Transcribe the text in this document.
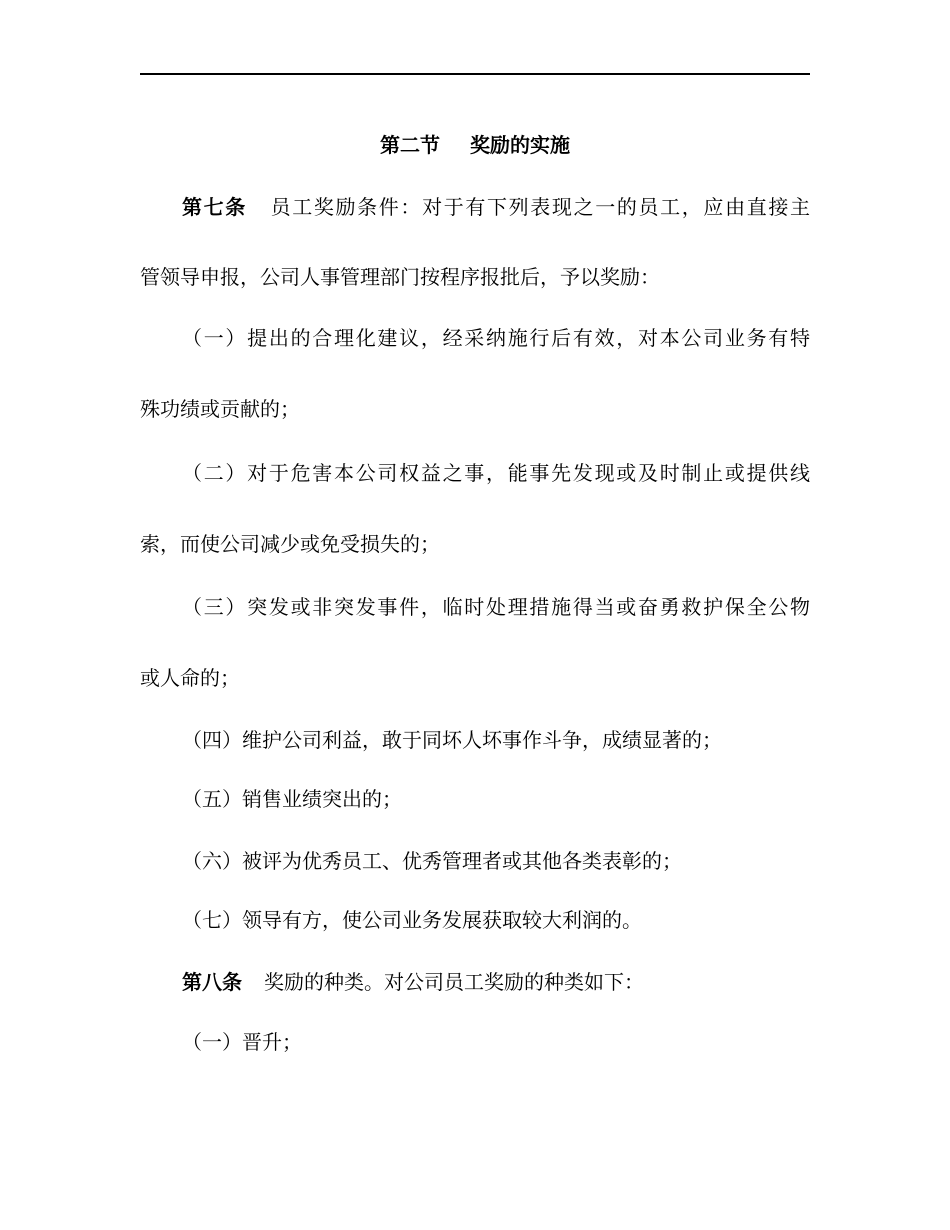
第二节 奖励的实施
第七条 员工奖励条件：对于有下列表现之一的员工，应由直接主
管领导申报，公司人事管理部门按程序报批后，予以奖励：
（一）提出的合理化建议，经采纳施行后有效，对本公司业务有特
殊功绩或贡献的；
（二）对于危害本公司权益之事，能事先发现或及时制止或提供线
索，而使公司减少或免受损失的；
（三）突发或非突发事件，临时处理措施得当或奋勇救护保全公物
或人命的；
（四）维护公司利益，敢于同坏人坏事作斗争，成绩显著的；
（五）销售业绩突出的；
（六）被评为优秀员工、优秀管理者或其他各类表彰的；
（七）领导有方，使公司业务发展获取较大利润的。
第八条 奖励的种类。对公司员工奖励的种类如下：
（一）晋升；
